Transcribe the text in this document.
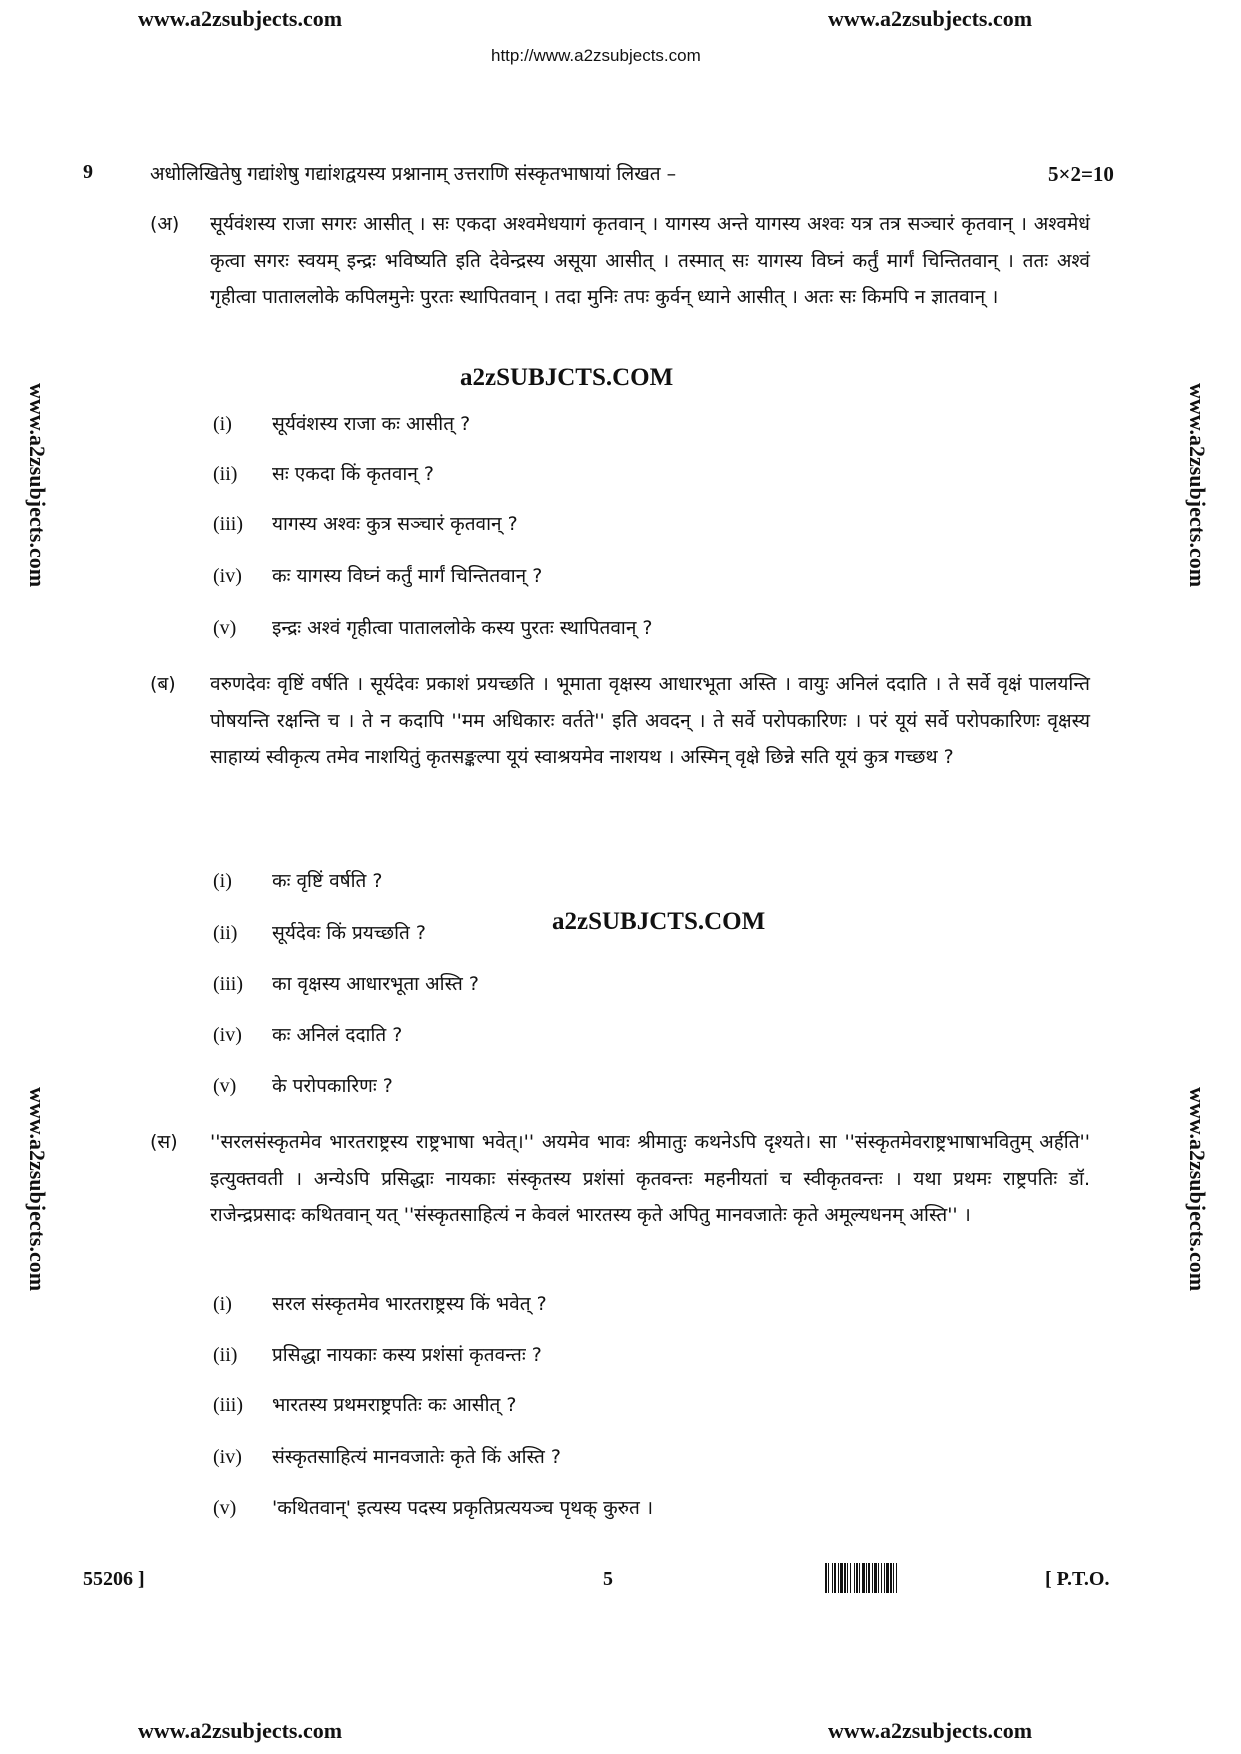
www.a2zsubjects.com	www.a2zsubjects.com
http://www.a2zsubjects.com
www.a2zsubjects.com
www.a2zsubjects.com
www.a2zsubjects.com
www.a2zsubjects.com
9	अधोलिखितेषु गद्यांशेषु गद्यांशद्वयस्य प्रश्नानाम् उत्तराणि संस्कृतभाषायां लिखत –	5×2=10
(अ) सूर्यवंशस्य राजा सगरः आसीत् । सः एकदा अश्वमेधयागं कृतवान् । यागस्य अन्ते यागस्य अश्वः यत्र तत्र सञ्चारं कृतवान् । अश्वमेधं कृत्वा सगरः स्वयम् इन्द्रः भविष्यति इति देवेन्द्रस्य असूया आसीत् । तस्मात् सः यागस्य विघ्नं कर्तुं मार्गं चिन्तितवान् । ततः अश्वं गृहीत्वा पाताललोके कपिलमुनेः पुरतः स्थापितवान् । तदा मुनिः तपः कुर्वन् ध्याने आसीत् । अतः सः किमपि न ज्ञातवान् ।
a2zSUBJCTS.COM
(i) सूर्यवंशस्य राजा कः आसीत् ?
(ii) सः एकदा किं कृतवान् ?
(iii) यागस्य अश्वः कुत्र सञ्चारं कृतवान् ?
(iv) कः यागस्य विघ्नं कर्तुं मार्गं चिन्तितवान् ?
(v) इन्द्रः अश्वं गृहीत्वा पाताललोके कस्य पुरतः स्थापितवान् ?
(ब) वरुणदेवः वृष्टिं वर्षति । सूर्यदेवः प्रकाशं प्रयच्छति । भूमाता वृक्षस्य आधारभूता अस्ति । वायुः अनिलं ददाति । ते सर्वे वृक्षं पालयन्ति पोषयन्ति रक्षन्ति च । ते न कदापि ''मम अधिकारः वर्तते'' इति अवदन् । ते सर्वे परोपकारिणः । परं यूयं सर्वे परोपकारिणः वृक्षस्य साहाय्यं स्वीकृत्य तमेव नाशयितुं कृतसङ्कल्पा यूयं स्वाश्रयमेव नाशयथ । अस्मिन् वृक्षे छिन्ने सति यूयं कुत्र गच्छथ ?
(i) कः वृष्टिं वर्षति ?
(ii) सूर्यदेवः किं प्रयच्छति ?	a2zSUBJCTS.COM
(iii) का वृक्षस्य आधारभूता अस्ति ?
(iv) कः अनिलं ददाति ?
(v) के परोपकारिणः ?
(स) ''सरलसंस्कृतमेव भारतराष्ट्रस्य राष्ट्रभाषा भवेत्।'' अयमेव भावः श्रीमातुः कथनेऽपि दृश्यते। सा ''संस्कृतमेवराष्ट्रभाषाभवितुम् अर्हति'' इत्युक्तवती । अन्येऽपि प्रसिद्धाः नायकाः संस्कृतस्य प्रशंसां कृतवन्तः महनीयतां च स्वीकृतवन्तः । यथा प्रथमः राष्ट्रपतिः डॉ. राजेन्द्रप्रसादः कथितवान् यत् ''संस्कृतसाहित्यं न केवलं भारतस्य कृते अपितु मानवजातेः कृते अमूल्यधनम् अस्ति'' ।
(i) सरल संस्कृतमेव भारतराष्ट्रस्य किं भवेत् ?
(ii) प्रसिद्धा नायकाः कस्य प्रशंसां कृतवन्तः ?
(iii) भारतस्य प्रथमराष्ट्रपतिः कः आसीत् ?
(iv) संस्कृतसाहित्यं मानवजातेः कृते किं अस्ति ?
(v) 'कथितवान्' इत्यस्य पदस्य प्रकृतिप्रत्ययञ्च पृथक् कुरुत ।
55206 ]	5	[ P.T.O.
www.a2zsubjects.com	www.a2zsubjects.com
